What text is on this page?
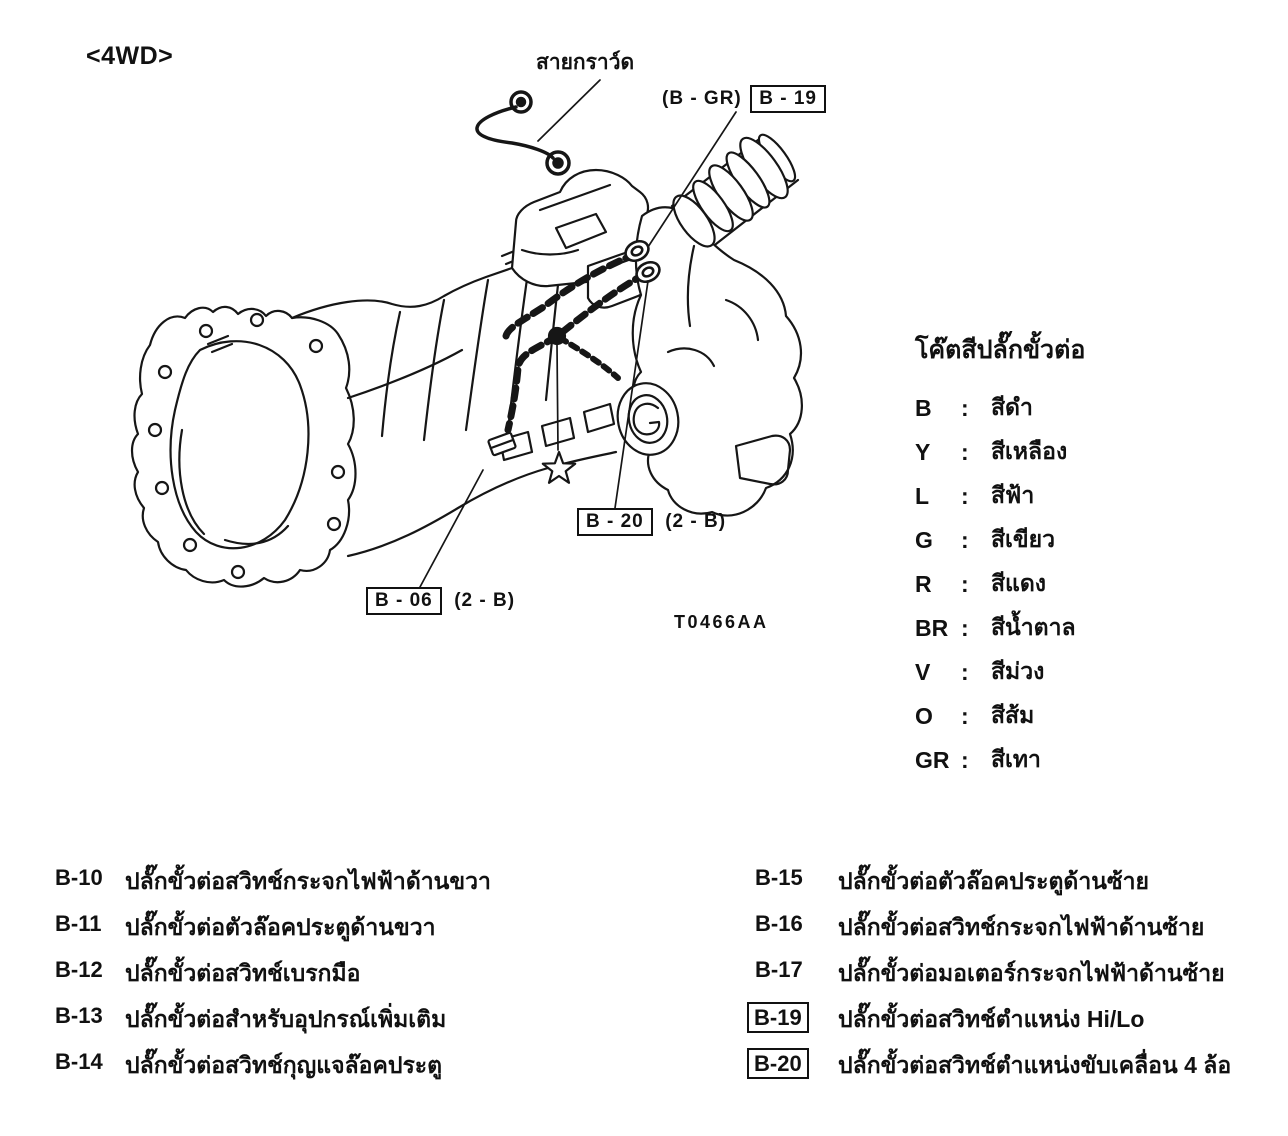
<4WD>	สายกราว์ด
(B - GR) B - 19
B - 20 (2 - B)
B - 06 (2 - B)
T0466AA
โค๊ตสีปลั๊กขั้วต่อ
B	: สีดำ
Y	: สีเหลือง
L	: สีฟ้า
G	: สีเขียว
R	: สีแดง
BR : สีน้ำตาล
V	: สีม่วง
O	: สีส้ม
GR : สีเทา
B-10 ปลั๊กขั้วต่อสวิทช์กระจกไฟฟ้าด้านขวา
B-11	ปลั๊กขั้วต่อตัวล๊อคประตูด้านขวา
B-12 ปลั๊กขั้วต่อสวิทช์เบรกมือ
B-13 ปลั๊กขั้วต่อสำหรับอุปกรณ์เพิ่มเติม
B-14 ปลั๊กขั้วต่อสวิทช์กุญแจล๊อคประตู
B-15	ปลั๊กขั้วต่อตัวล๊อคประตูด้านซ้าย
B-16	ปลั๊กขั้วต่อสวิทช์กระจกไฟฟ้าด้านซ้าย
B-17	ปลั๊กขั้วต่อมอเตอร์กระจกไฟฟ้าด้านซ้าย
B-19	ปลั๊กขั้วต่อสวิทช์ตำแหน่ง Hi/Lo
B-20	ปลั๊กขั้วต่อสวิทช์ตำแหน่งขับเคลื่อน 4 ล้อ
